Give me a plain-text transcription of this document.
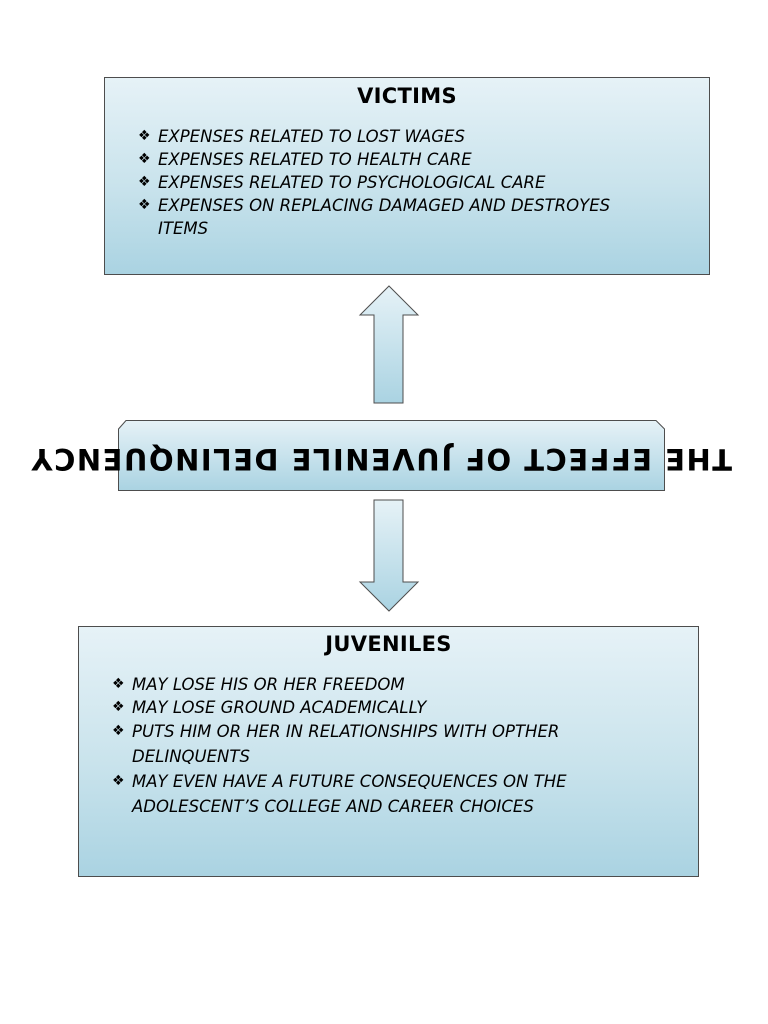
VICTIMS
❖ EXPENSES RELATED TO LOST WAGES
❖ EXPENSES RELATED TO HEALTH CARE
❖ EXPENSES RELATED TO PSYCHOLOGICAL CARE
❖ EXPENSES ON REPLACING DAMAGED AND DESTROYES
ITEMS
THE EFFECT OF JUVENILE DELINQUENCY
JUVENILES
❖ MAY LOSE HIS OR HER FREEDOM
❖ MAY LOSE GROUND ACADEMICALLY
❖ PUTS HIM OR HER IN RELATIONSHIPS WITH OPTHER
DELINQUENTS
❖ MAY EVEN HAVE A FUTURE CONSEQUENCES ON THE
ADOLESCENT’S COLLEGE AND CAREER CHOICES
